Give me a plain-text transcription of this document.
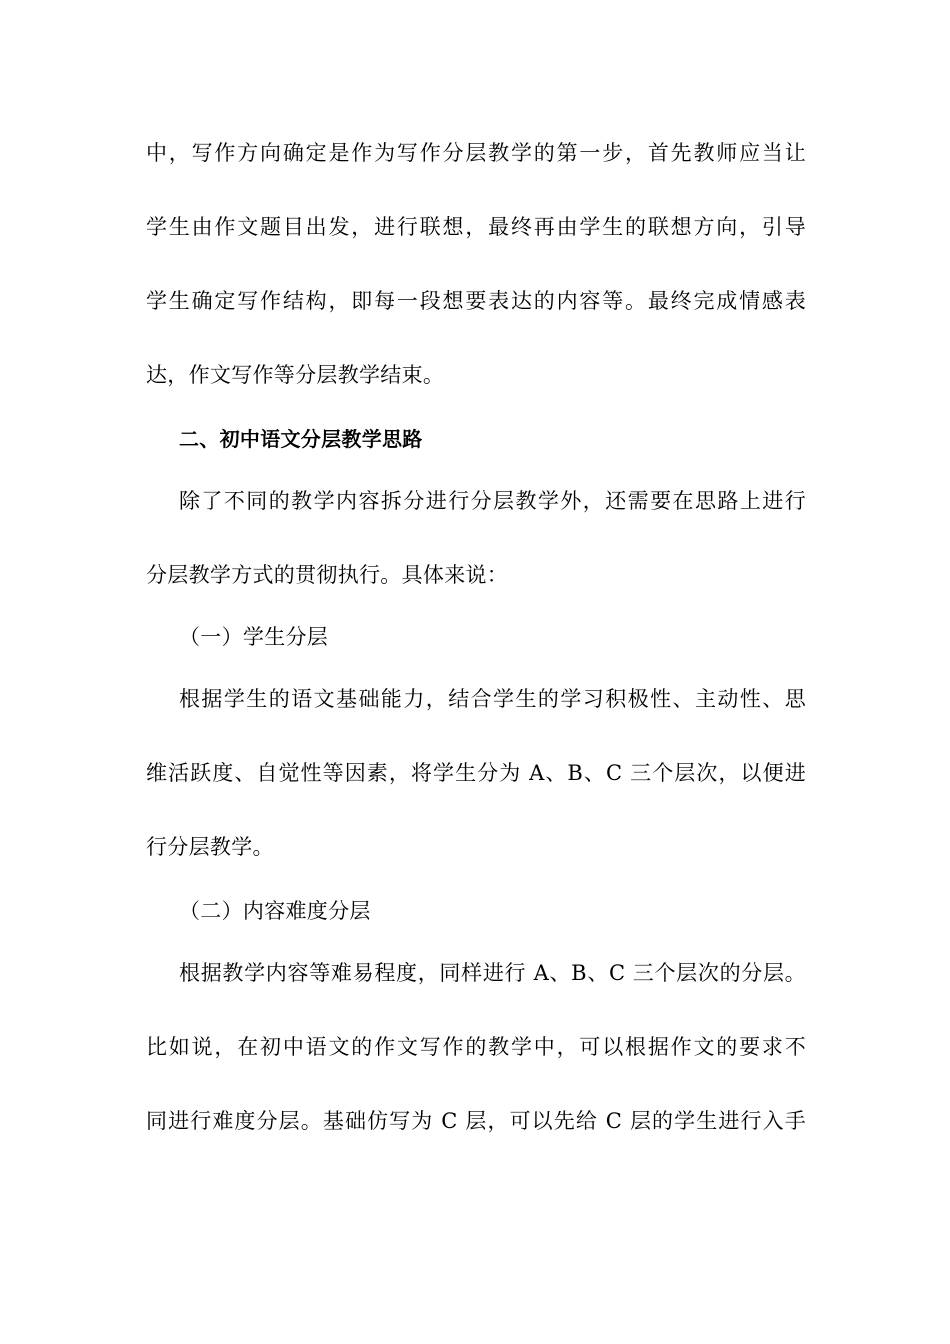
中，写作方向确定是作为写作分层教学的第一步，首先教师应当让
学生由作文题目出发，进行联想，最终再由学生的联想方向，引导
学生确定写作结构，即每一段想要表达的内容等。最终完成情感表
达，作文写作等分层教学结束。
二、初中语文分层教学思路
除了不同的教学内容拆分进行分层教学外，还需要在思路上进行
分层教学方式的贯彻执行。具体来说：
（一）学生分层
根据学生的语文基础能力，结合学生的学习积极性、主动性、思
维活跃度、自觉性等因素，将学生分为 A、B、C 三个层次，以便进
行分层教学。
（二）内容难度分层
根据教学内容等难易程度，同样进行 A、B、C 三个层次的分层。
比如说，在初中语文的作文写作的教学中，可以根据作文的要求不
同进行难度分层。基础仿写为 C 层，可以先给 C 层的学生进行入手
